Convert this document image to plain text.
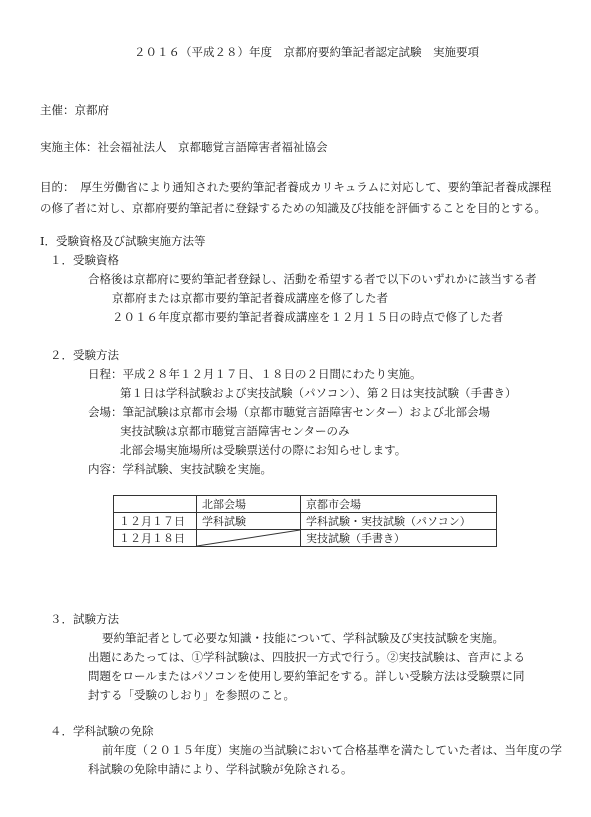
２０１６（平成２８）年度　京都府要約筆記者認定試験　実施要項
主催：京都府
実施主体：社会福祉法人　京都聴覚言語障害者福祉協会
目的：　厚生労働省により通知された要約筆記者養成カリキュラムに対応して、要約筆記者養成課程
の修了者に対し、京都府要約筆記者に登録するための知識及び技能を評価することを目的とする。
Ⅰ．受験資格及び試験実施方法等
１．受験資格
合格後は京都府に要約筆記者登録し、活動を希望する者で以下のいずれかに該当する者
京都府または京都市要約筆記者養成講座を修了した者
２０１６年度京都市要約筆記者養成講座を１２月１５日の時点で修了した者
２．受験方法
日程：平成２８年１２月１７日、１８日の２日間にわたり実施。
第１日は学科試験および実技試験（パソコン）、第２日は実技試験（手書き）
会場：筆記試験は京都市会場（京都市聴覚言語障害センター）および北部会場
実技試験は京都市聴覚言語障害センターのみ
北部会場実施場所は受験票送付の際にお知らせします。
内容：学科試験、実技試験を実施。
	北部会場	京都市会場
１２月１７日	学科試験	学科試験・実技試験（パソコン）
１２月１８日		実技試験（手書き）
３．試験方法
要約筆記者として必要な知識・技能について、学科試験及び実技試験を実施。
出題にあたっては、①学科試験は、四肢択一方式で行う。②実技試験は、音声による
問題をロールまたはパソコンを使用し要約筆記をする。詳しい受験方法は受験票に同
封する「受験のしおり」を参照のこと。
４．学科試験の免除
前年度（２０１５年度）実施の当試験において合格基準を満たしていた者は、当年度の学
科試験の免除申請により、学科試験が免除される。
